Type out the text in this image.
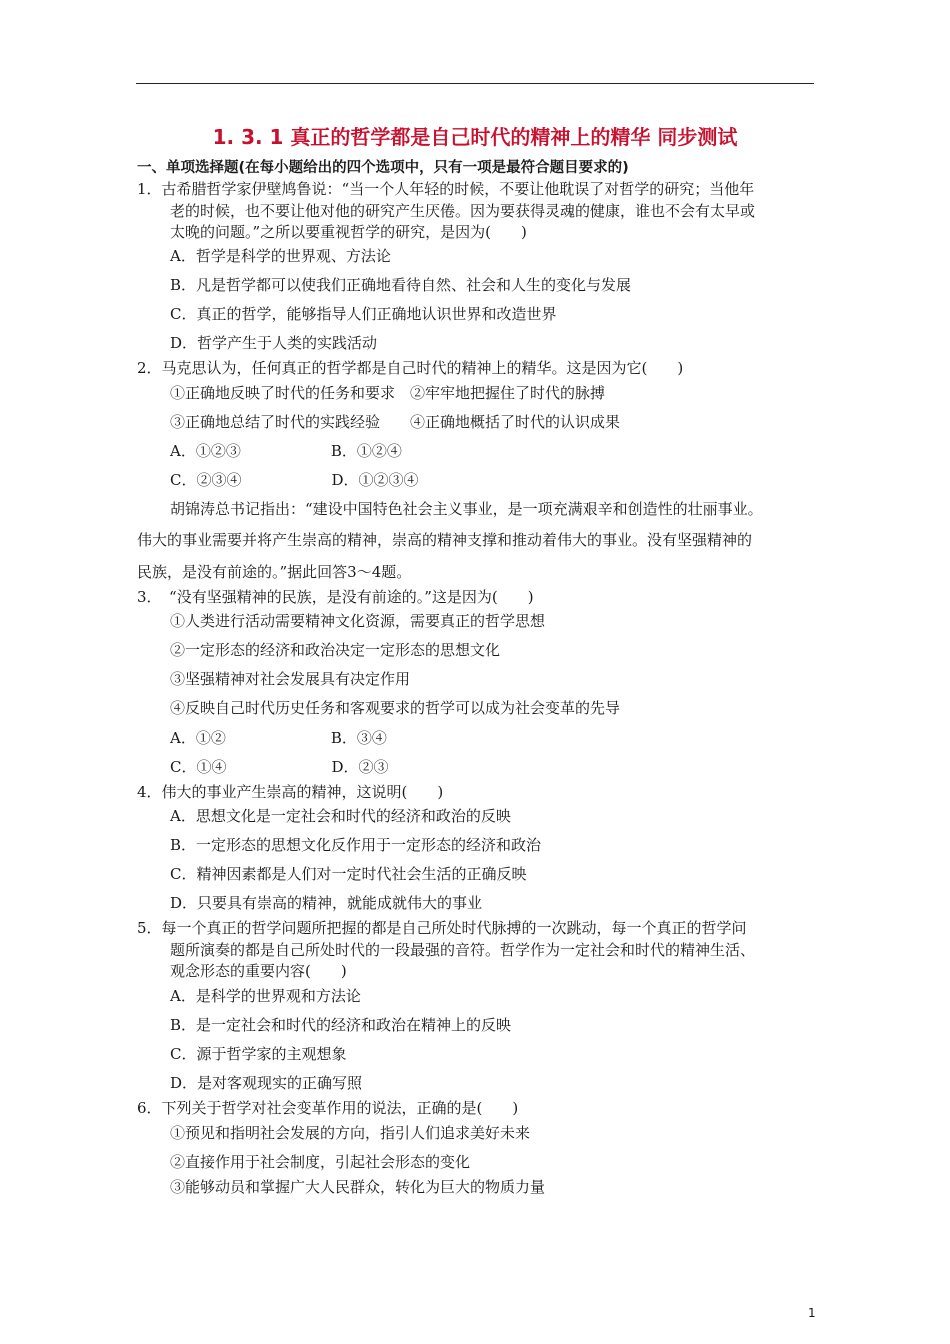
1. 3. 1 真正的哲学都是自己时代的精神上的精华 同步测试
一、单项选择题(在每小题给出的四个选项中，只有一项是最符合题目要求的)
1．古希腊哲学家伊壁鸠鲁说：“当一个人年轻的时候，不要让他耽误了对哲学的研究；当他年
老的时候，也不要让他对他的研究产生厌倦。因为要获得灵魂的健康，谁也不会有太早或
太晚的问题。”之所以要重视哲学的研究，是因为(　　)
A．哲学是科学的世界观、方法论
B．凡是哲学都可以使我们正确地看待自然、社会和人生的变化与发展
C．真正的哲学，能够指导人们正确地认识世界和改造世界
D．哲学产生于人类的实践活动
2．马克思认为，任何真正的哲学都是自己时代的精神上的精华。这是因为它(　　)
①正确地反映了时代的任务和要求　②牢牢地把握住了时代的脉搏
③正确地总结了时代的实践经验　　④正确地概括了时代的认识成果
A．①②③　　　　　　B．①②④
C．②③④　　　　　　D．①②③④
胡锦涛总书记指出：“建设中国特色社会主义事业，是一项充满艰辛和创造性的壮丽事业。
伟大的事业需要并将产生崇高的精神，崇高的精神支撑和推动着伟大的事业。没有坚强精神的
民族，是没有前途的。”据此回答3～4题。
3．　“没有坚强精神的民族，是没有前途的。”这是因为(　　)
①人类进行活动需要精神文化资源，需要真正的哲学思想
②一定形态的经济和政治决定一定形态的思想文化
③坚强精神对社会发展具有决定作用
④反映自己时代历史任务和客观要求的哲学可以成为社会变革的先导
A．①②　　　　　　　B．③④
C．①④　　　　　　　D．②③
4．伟大的事业产生崇高的精神，这说明(　　)
A．思想文化是一定社会和时代的经济和政治的反映
B．一定形态的思想文化反作用于一定形态的经济和政治
C．精神因素都是人们对一定时代社会生活的正确反映
D．只要具有崇高的精神，就能成就伟大的事业
5．每一个真正的哲学问题所把握的都是自己所处时代脉搏的一次跳动，每一个真正的哲学问
题所演奏的都是自己所处时代的一段最强的音符。哲学作为一定社会和时代的精神生活、
观念形态的重要内容(　　)
A．是科学的世界观和方法论
B．是一定社会和时代的经济和政治在精神上的反映
C．源于哲学家的主观想象
D．是对客观现实的正确写照
6．下列关于哲学对社会变革作用的说法，正确的是(　　)
①预见和指明社会发展的方向，指引人们追求美好未来
②直接作用于社会制度，引起社会形态的变化
③能够动员和掌握广大人民群众，转化为巨大的物质力量
1
